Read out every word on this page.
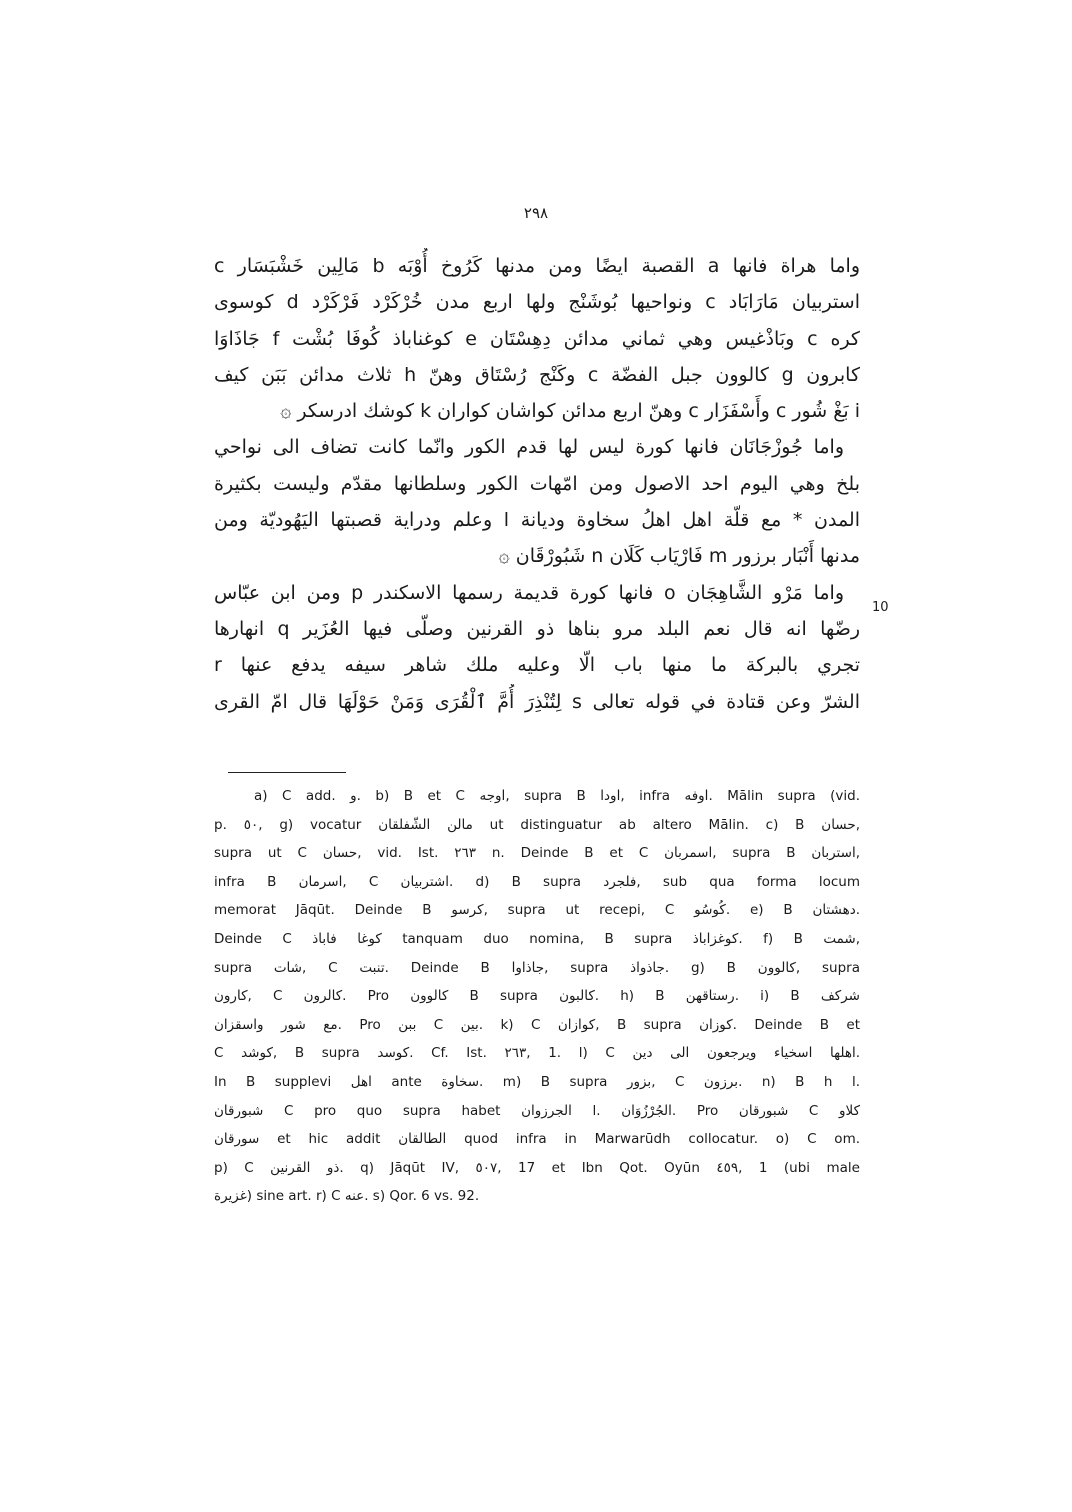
٢٩٨
واما هراة فانها a القصبة ايضًا ومن مدنها كَرُوخ أُوْبَه b مَالِين خَشْبَسَار c
استربيان مَارَابَاد c ونواحيها بُوشَنْج ولها اربع مدن خُرْكَرْد فَرْكَرْد d كوسوى
كره c وبَاذْغيس وهي ثماني مدائن دِهِسْتَان e كوغناباذ كُوفَا بُشْت f جَاذَاوَا
كابرون g كالوون جبل الفضّة c وكَنْج رُسْتَاق وهنّ h ثلاث مدائن بَبَن كيف
i بَغْ شُور c وأَسْفَزَار c وهنّ اربع مدائن كواشان كواران k كوشك ادرسكر ۞
واما جُوزْجَانَان فانها كورة ليس لها قدم الكور وانّما كانت تضاف الى نواحي
بلخ وهي اليوم احد الاصول ومن امّهات الكور وسلطانها مقدّم وليست بكثيرة
المدن * مع قلّة اهل اهلُ سخاوة وديانة l وعلم ودراية قصبتها اليَهُوديّة ومن
مدنها أَنْبَار برزور m فَارْيَاب كَلَان n شَبُورْقَان ۞
واما مَرْو الشَّاهِجَان o فانها كورة قديمة رسمها الاسكندر p ومن ابن عبّاس
رضّها انه قال نعم البلد مرو بناها ذو القرنين وصلّى فيها العُزَير q انهارها
تجري بالبركة ما منها باب الّا وعليه ملك شاهر سيفه يدفع عنها r
الشرّ وعن قتادة في قوله تعالى s لِتُنْذِرَ أُمَّ ٱلْقُرَى وَمَنْ حَوْلَهَا قال امّ القرى
10
a) C add. و. b) B et C اوجه, supra B اودا, infra اوفه. Mālin supra (vid.
p. ٥٠, g) vocatur مالن الشّفلقان ut distinguatur ab altero Mālin. c) B حسان,
supra ut C حسان, vid. Ist. ٢٦٣ n. Deinde B et C اسمربان, supra B استربان,
infra B اسرمان, C اشتربيان. d) B supra فلجرد, sub qua forma locum
memorat Jāqūt. Deinde B كرسو, supra ut recepi, C كُوسُو. e) B دهشتان.
Deinde C كوغا فاباذ tanquam duo nomina, B supra كوغزاباذ. f) B شمت,
supra شات, C تنبت. Deinde B جاذاوا, supra جاذواذ. g) B كالوون, supra
كارون, C كالرون. Pro كالوون B supra كالبون. h) B رستاقهن. i) B شركف
مع شور واسقزان. Pro ببن C بين. k) C كوازان, B supra كوزان. Deinde B et
C كوشد, B supra كوسد. Cf. Ist. ٢٦٣, 1. l) C اهلها اسخياء ويرجعون الى دين.
In B supplevi اهل ante سخاوة. m) B supra بزور, C برزون. n) B h l.
شبورقان C pro quo supra habet الجرزوان l. الجُرْزُوَان. Pro شبورقان C كلاو
سورقان et hic addit الطالقان quod infra in Marwarūdh collocatur. o) C om.
p) C ذو القرنين. q) Jāqūt IV, ٥٠٧, 17 et Ibn Qot. Oyūn ٤٥٩, 1 (ubi male
غزيرة) sine art. r) C عنه. s) Qor. 6 vs. 92.
